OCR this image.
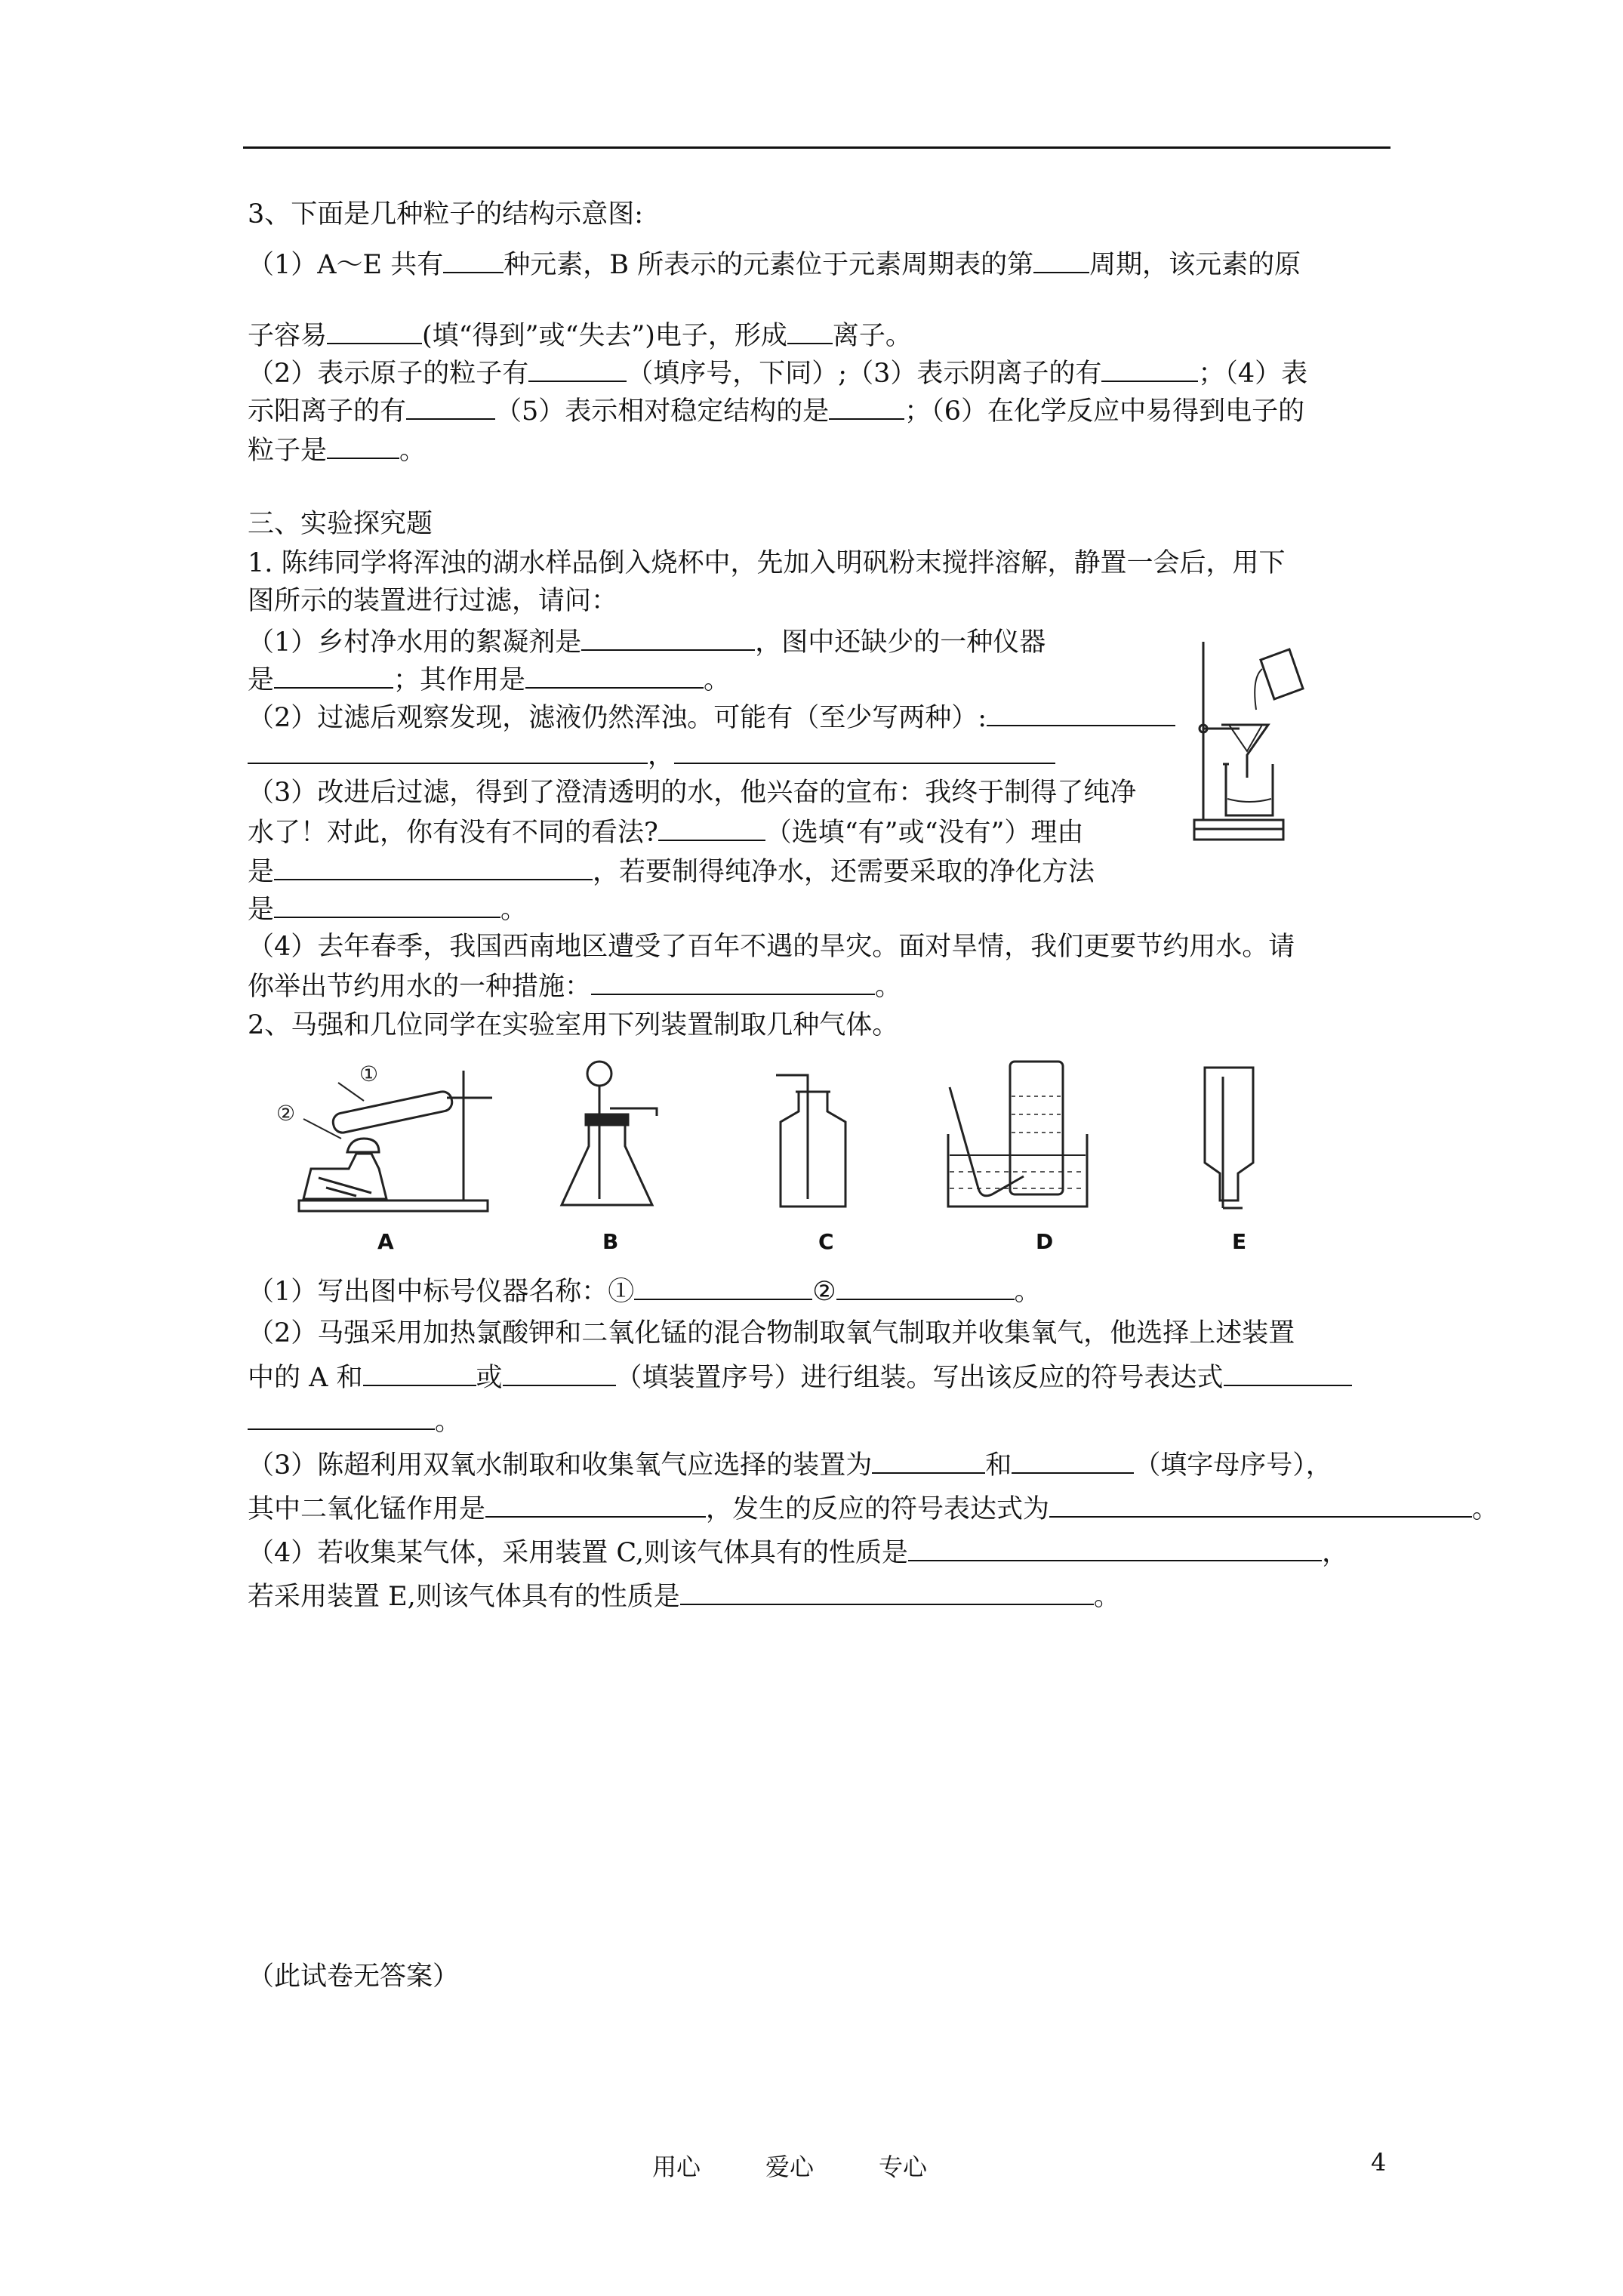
3、下面是几种粒子的结构示意图:
（1）A～E 共有 种元素，B 所表示的元素位于元素周期表的第 周期，该元素的原
子容易	(填“得到”或“失去”)电子，形成 离子。
（2）表示原子的粒子有	（填序号，下同）;（3）表示阴离子的有	；（4）表
示阳离子的有	（5）表示相对稳定结构的是	；（6）在化学反应中易得到电子的
粒子是	。
三、实验探究题
1. 陈纬同学将浑浊的湖水样品倒入烧杯中，先加入明矾粉末搅拌溶解，静置一会后，用下
图所示的装置进行过滤，请问：
（1）乡村净水用的絮凝剂是	，图中还缺少的一种仪器
是	；其作用是	。
（2）过滤后观察发现，滤液仍然浑浊。可能有（至少写两种）:
，
（3）改进后过滤，得到了澄清透明的水，他兴奋的宣布：我终于制得了纯净
水了！对此，你有没有不同的看法?	（选填“有”或“没有”）理由
是	，若要制得纯净水，还需要采取的净化方法
是	。
（4）去年春季，我国西南地区遭受了百年不遇的旱灾。面对旱情，我们更要节约用水。请
你举出节约用水的一种措施：	。
2、马强和几位同学在实验室用下列装置制取几种气体。
①
②
A	B	C	D	E
（1）写出图中标号仪器名称：①	②	。
（2）马强采用加热氯酸钾和二氧化锰的混合物制取氧气制取并收集氧气，他选择上述装置
中的 A 和	或	（填装置序号）进行组装。写出该反应的符号表达式
。
（3）陈超利用双氧水制取和收集氧气应选择的装置为	和	（填字母序号），
其中二氧化锰作用是	，发生的反应的符号表达式为	。
（4）若收集某气体，采用装置 C,则该气体具有的性质是	，
若采用装置 E,则该气体具有的性质是	。
（此试卷无答案）
用心	爱心	专心	4
